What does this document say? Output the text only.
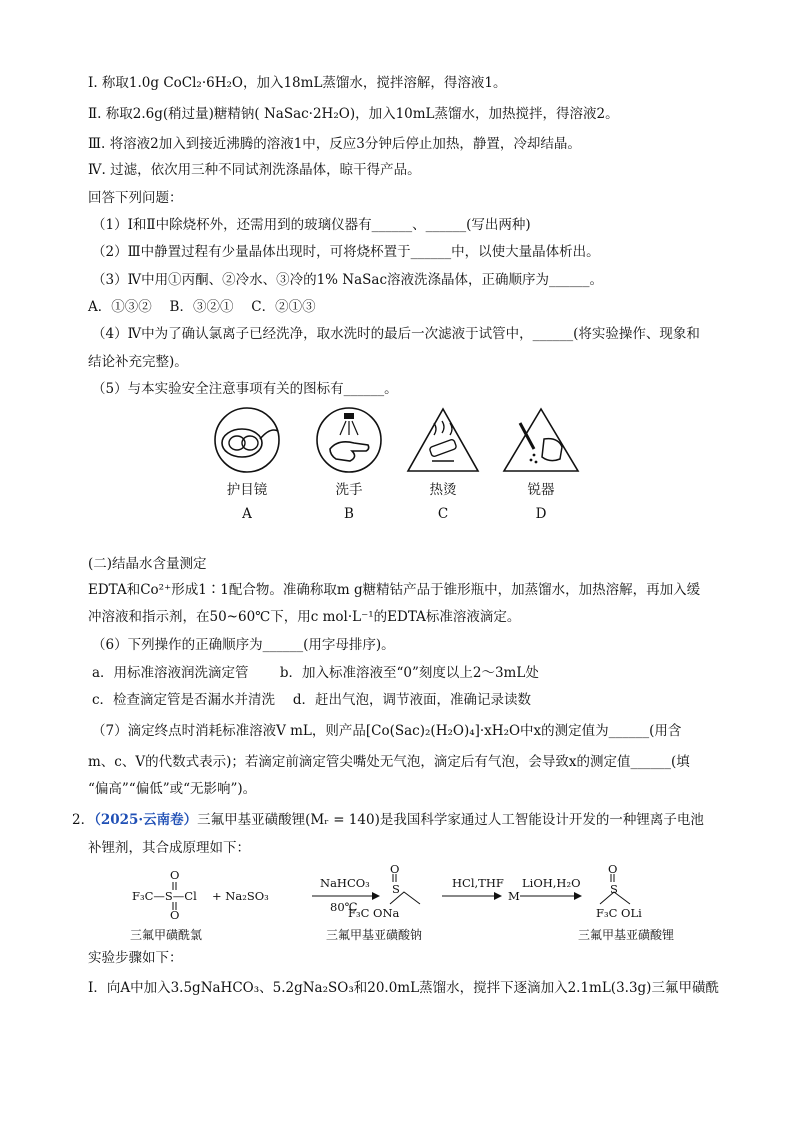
Ⅰ. 称取1.0g CoCl₂·6H₂O，加入18mL蒸馏水，搅拌溶解，得溶液1。
Ⅱ. 称取2.6g(稍过量)糖精钠( NaSac·2H₂O)，加入10mL蒸馏水，加热搅拌，得溶液2。
Ⅲ. 将溶液2加入到接近沸腾的溶液1中，反应3分钟后停止加热，静置，冷却结晶。
Ⅳ. 过滤，依次用三种不同试剂洗涤晶体，晾干得产品。
回答下列问题：
（1）Ⅰ和Ⅱ中除烧杯外，还需用到的玻璃仪器有______、______(写出两种)
（2）Ⅲ中静置过程有少量晶体出现时，可将烧杯置于______中，以使大量晶体析出。
（3）Ⅳ中用①丙酮、②冷水、③冷的1% NaSac溶液洗涤晶体，正确顺序为______。
A．①③②　 B．③②①　 C．②①③
（4）Ⅳ中为了确认氯离子已经洗净，取水洗时的最后一次滤液于试管中，______(将实验操作、现象和
结论补充完整)。
（5）与本实验安全注意事项有关的图标有______。
护目镜
A
洗手
B
热烫
C
锐器
D
(二)结晶水含量测定
EDTA和Co²⁺形成1∶1配合物。准确称取m g糖精钴产品于锥形瓶中，加蒸馏水，加热溶解，再加入缓
冲溶液和指示剂，在50~60℃下，用c mol·L⁻¹的EDTA标准溶液滴定。
（6）下列操作的正确顺序为______(用字母排序)。
a．用标准溶液润洗滴定管　　 b．加入标准溶液至“0”刻度以上2～3mL处
c．检查滴定管是否漏水并清洗　 d．赶出气泡，调节液面，准确记录读数
（7）滴定终点时消耗标准溶液V mL，则产品[Co(Sac)₂(H₂O)₄]·xH₂O中x的测定值为______(用含
m、c、V的代数式表示)；若滴定前滴定管尖嘴处无气泡，滴定后有气泡，会导致x的测定值______(填
“偏高”“偏低”或“无影响”)。
2．（2025·云南卷）三氟甲基亚磺酸锂(Mᵣ = 140)是我国科学家通过人工智能设计开发的一种锂离子电池
补锂剂，其合成原理如下：
O
O
F₃C—S—Cl + Na₂SO₃
NaHCO₃
80℃
O
S
F₃C ONa
HCl,THF
M
LiOH,H₂O
O
S
F₃C OLi
三氟甲磺酰氯	三氟甲基亚磺酸钠	三氟甲基亚磺酸锂
实验步骤如下：
Ⅰ．向A中加入3.5gNaHCO₃、5.2gNa₂SO₃和20.0mL蒸馏水，搅拌下逐滴加入2.1mL(3.3g)三氟甲磺酰
